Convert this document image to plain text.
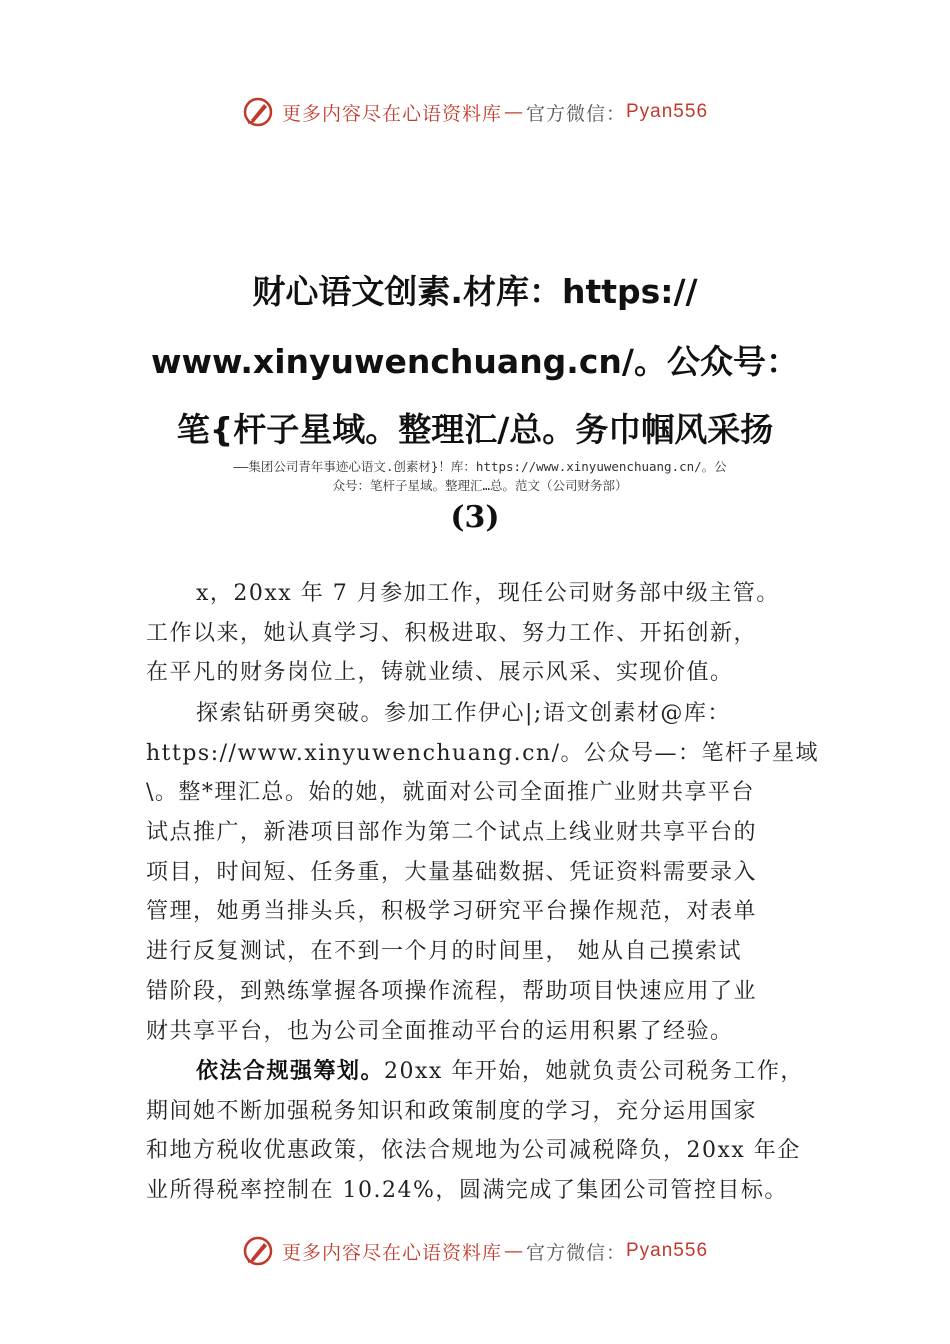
更多内容尽在心语资料库 — 官方微信： Pyan556
财心语文创素.材库：https://
www.xinyuwenchuang.cn/。公众号：
笔{杆子星域。整理汇/总。务巾帼风采扬
——集团公司青年事迹心语文.创素材}！库：https://www.xinyuwenchuang.cn/。公
众号：笔杆子星域。整理汇…总。范文（公司财务部）
(3)
x，20xx 年 7 月参加工作，现任公司财务部中级主管。
工作以来，她认真学习、积极进取、努力工作、开拓创新，
在平凡的财务岗位上，铸就业绩、展示风采、实现价值。
探索钻研勇突破。参加工作伊心|;语文创素材@库：
https://www.xinyuwenchuang.cn/。公众号—：笔杆子星域
\。整*理汇总。始的她，就面对公司全面推广业财共享平台
试点推广，新港项目部作为第二个试点上线业财共享平台的
项目，时间短、任务重，大量基础数据、凭证资料需要录入
管理，她勇当排头兵，积极学习研究平台操作规范，对表单
进行反复测试，在不到一个月的时间里， 她从自己摸索试
错阶段，到熟练掌握各项操作流程，帮助项目快速应用了业
财共享平台，也为公司全面推动平台的运用积累了经验。
依法合规强筹划。20xx 年开始，她就负责公司税务工作，
期间她不断加强税务知识和政策制度的学习，充分运用国家
和地方税收优惠政策，依法合规地为公司减税降负，20xx 年企
业所得税率控制在 10.24%，圆满完成了集团公司管控目标。
更多内容尽在心语资料库 — 官方微信： Pyan556
